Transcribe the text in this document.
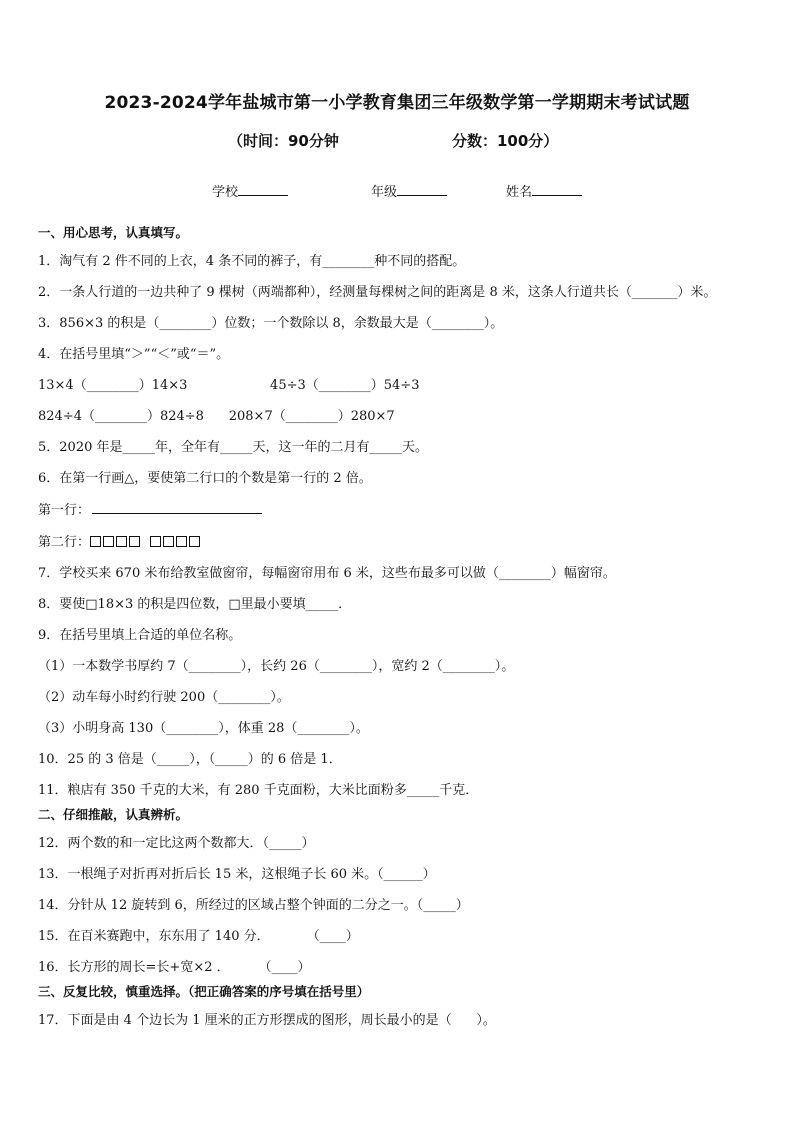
2023-2024学年盐城市第一小学教育集团三年级数学第一学期期末考试试题
（时间：90分钟	分数：100分）
学校	年级	姓名
一、用心思考，认真填写。
1．淘气有 2 件不同的上衣，4 条不同的裤子，有________种不同的搭配。
2．一条人行道的一边共种了 9 棵树（两端都种），经测量每棵树之间的距离是 8 米，这条人行道共长（_______）米。
3．856×3 的积是（________）位数；一个数除以 8，余数最大是（________）。
4．在括号里填“＞”“＜”或“＝”。
13×4（________）14×3                    45÷3（________）54÷3
824÷4（________）824÷8      208×7（________）280×7
5．2020 年是_____年，全年有_____天，这一年的二月有_____天。
6．在第一行画△，要使第二行口的个数是第一行的 2 倍。
第一行：
第二行：
7．学校买来 670 米布给教室做窗帘，每幅窗帘用布 6 米，这些布最多可以做（________）幅窗帘。
8．要使□18×3 的积是四位数，□里最小要填_____．
9．在括号里填上合适的单位名称。
（1）一本数学书厚约 7（________），长约 26（________），宽约 2（________）。
（2）动车每小时约行驶 200（________）。
（3）小明身高 130（________），体重 28（________）。
10．25 的 3 倍是（_____），（_____）的 6 倍是 1．
11．粮店有 350 千克的大米，有 280 千克面粉，大米比面粉多_____千克．
二、仔细推敲，认真辨析。
12．两个数的和一定比这两个数都大．（_____）
13．一根绳子对折再对折后长 15 米，这根绳子长 60 米。（______）
14．分针从 12 旋转到 6，所经过的区域占整个钟面的二分之一。（_____）
15．在百米赛跑中，东东用了 140 分．         （____）
16．长方形的周长=长+宽×2 ．       （____）
三、反复比较，慎重选择。（把正确答案的序号填在括号里）
17．下面是由 4 个边长为 1 厘米的正方形摆成的图形，周长最小的是（      ）。
